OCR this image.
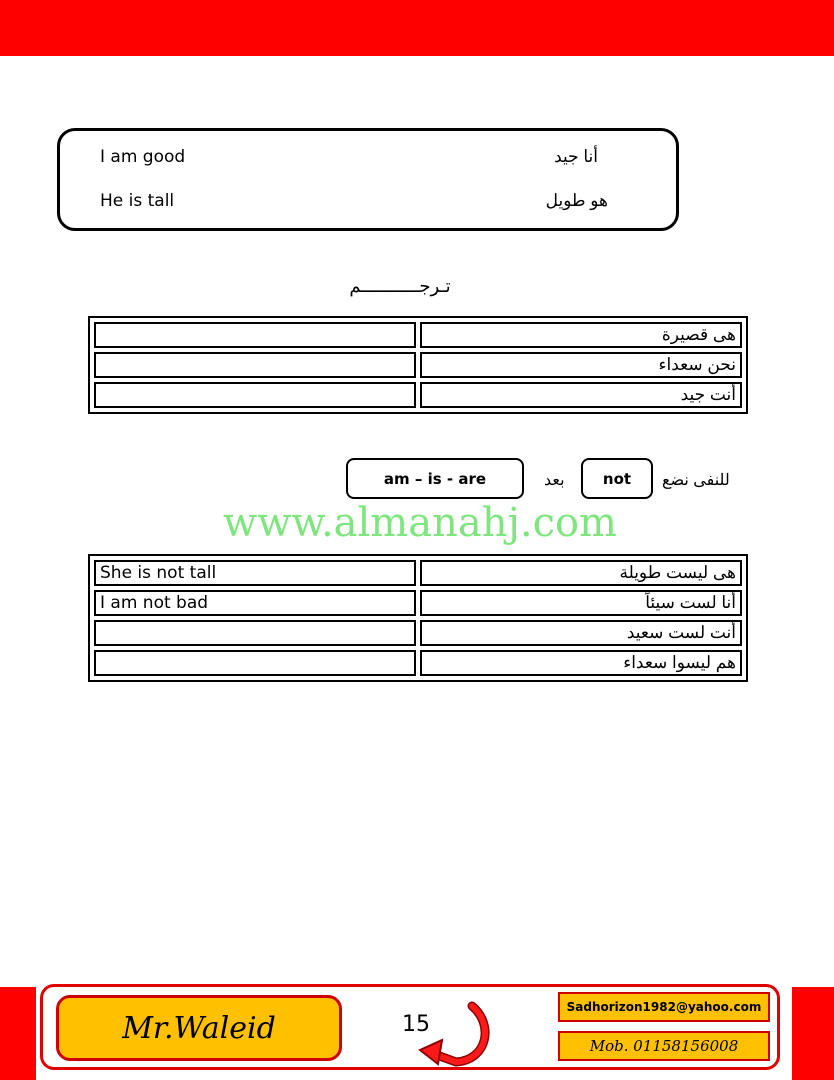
I am good	أنا جيد
He is tall	هو طويل
تـرجـــــــــــم
	هى قصيرة
	نحن سعداء
	أنت جيد
am – is - are	بعد	not	للنفى نضع
www.almanahj.com
She is not tall	هى ليست طويلة
I am not bad	أنا لست سيئاً
	أنت لست سعيد
	هم ليسوا سعداء
Mr.Waleid	15
Sadhorizon1982@yahoo.com
Mob. 01158156008
